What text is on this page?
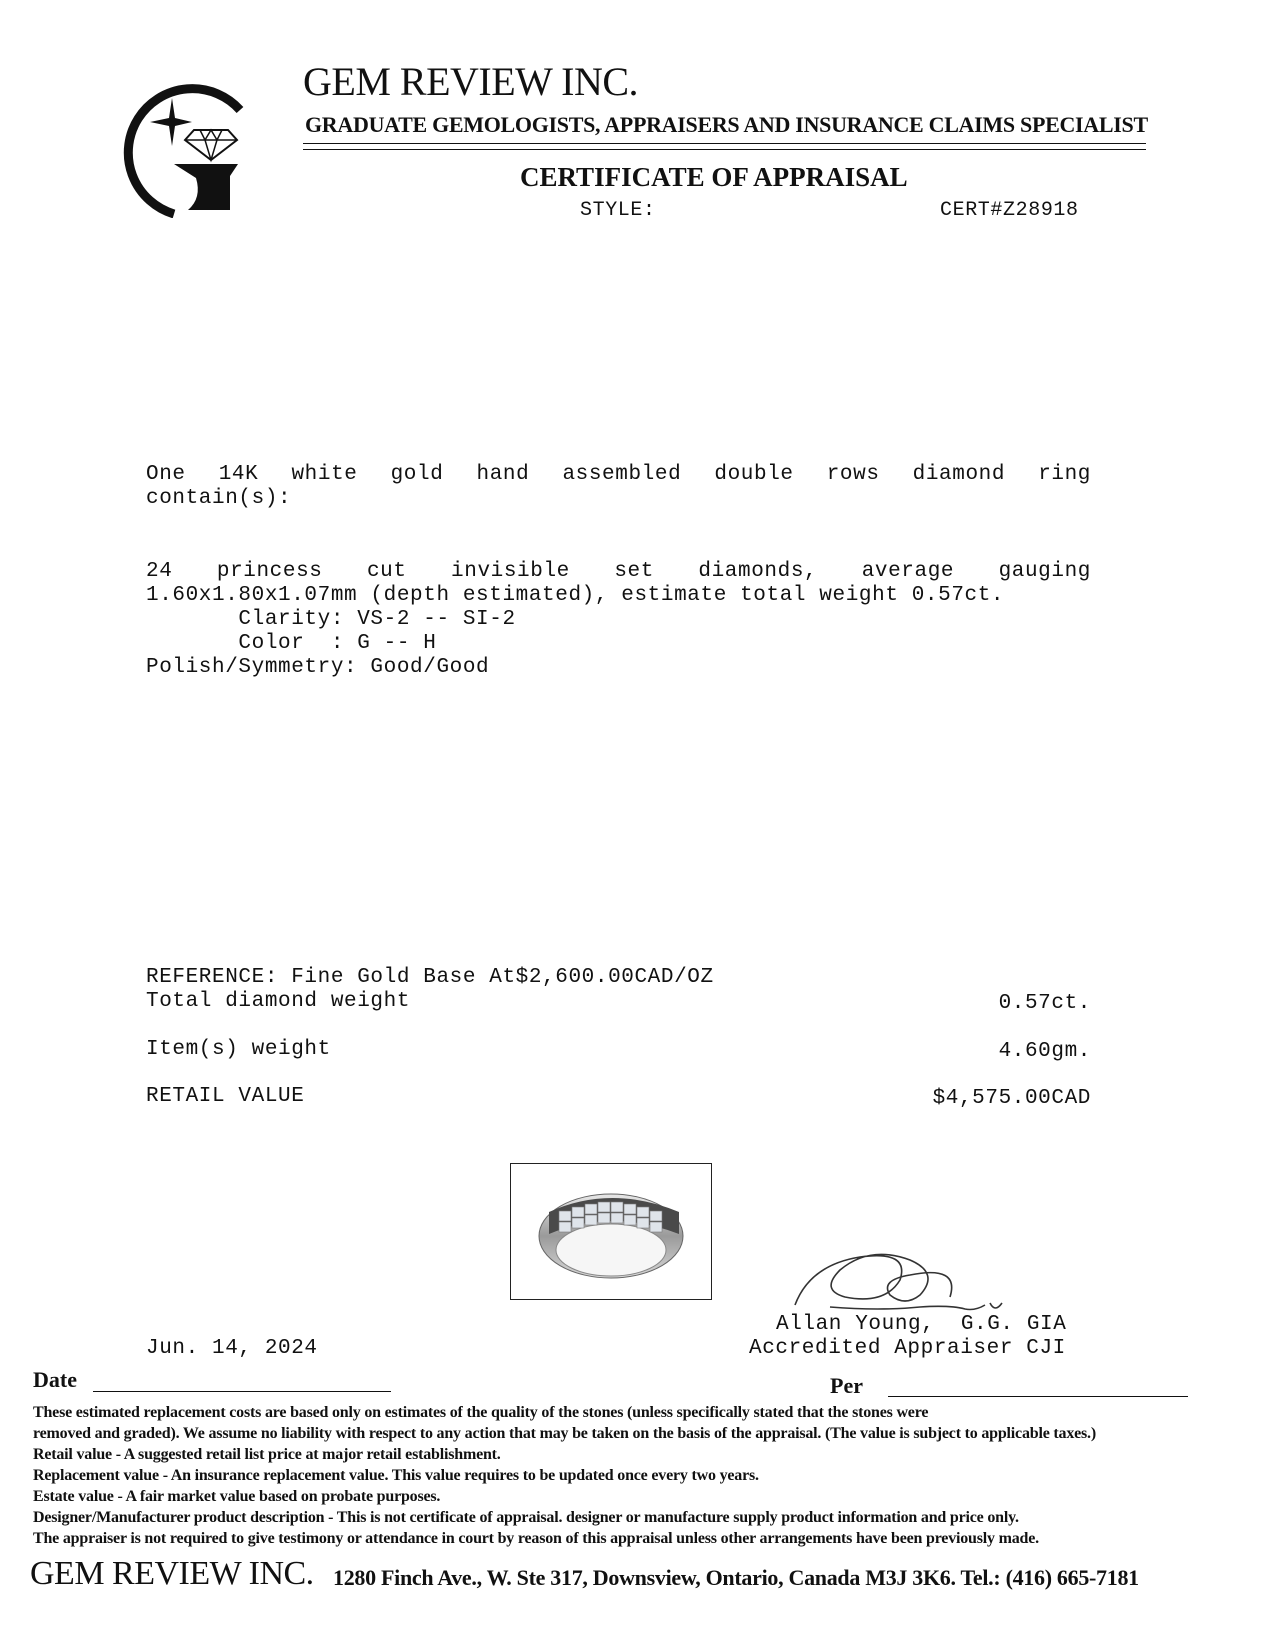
GEM REVIEW INC.
GRADUATE GEMOLOGISTS, APPRAISERS AND INSURANCE CLAIMS SPECIALIST
CERTIFICATE OF APPRAISAL
STYLE:	CERT#Z28918
One 14K white gold hand assembled double rows diamond ring
contain(s):
24 princess cut invisible set diamonds, average gauging
1.60x1.80x1.07mm (depth estimated), estimate total weight 0.57ct.
Clarity: VS-2 -- SI-2
Color  : G -- H
Polish/Symmetry: Good/Good
REFERENCE: Fine Gold Base At$2,600.00CAD/OZ
Total diamond weight	0.57ct.
Item(s) weight	4.60gm.
RETAIL VALUE	$4,575.00CAD
Allan Young,  G.G. GIA
Accredited Appraiser CJI
Jun. 14, 2024
Date	Per
These estimated replacement costs are based only on estimates of the quality of the stones (unless specifically stated that the stones were
removed and graded). We assume no liability with respect to any action that may be taken on the basis of the appraisal. (The value is subject to applicable taxes.)
Retail value - A suggested retail list price at major retail establishment.
Replacement value - An insurance replacement value. This value requires to be updated once every two years.
Estate value - A fair market value based on probate purposes.
Designer/Manufacturer product description - This is not certificate of appraisal. designer or manufacture supply product information and price only.
The appraiser is not required to give testimony or attendance in court by reason of this appraisal unless other arrangements have been previously made.
GEM REVIEW INC. 1280 Finch Ave., W. Ste 317, Downsview, Ontario, Canada M3J 3K6. Tel.: (416) 665-7181
